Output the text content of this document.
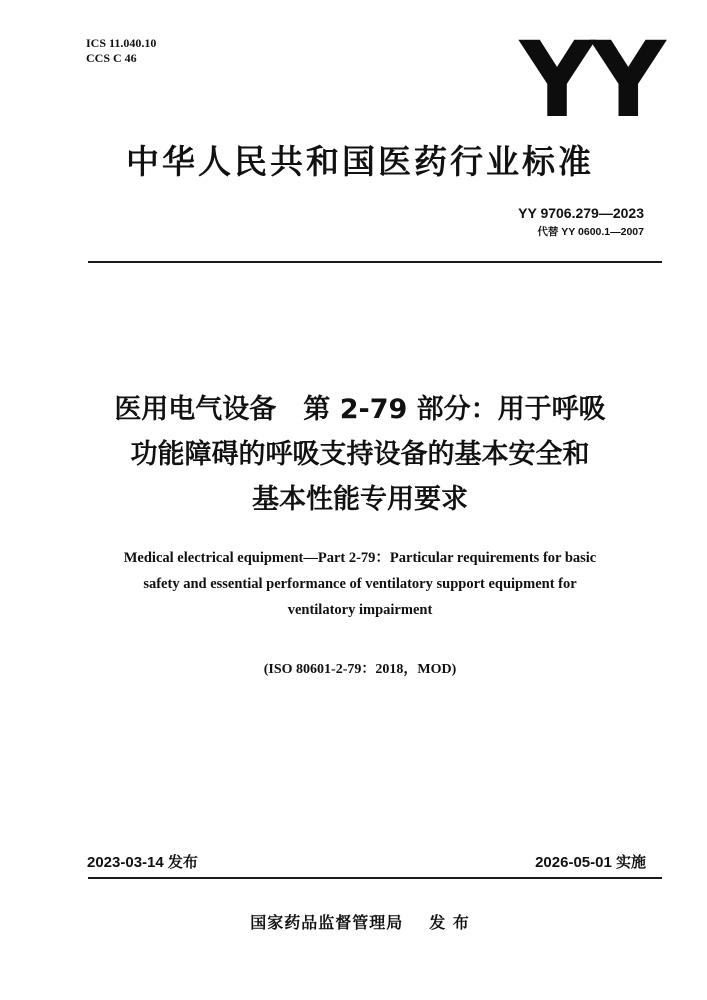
ICS 11.040.10
CCS C 46	YY
中华人民共和国医药行业标准
YY 9706.279—2023
代替 YY 0600.1—2007
医用电气设备　第 2-79 部分：用于呼吸
功能障碍的呼吸支持设备的基本安全和
基本性能专用要求
Medical electrical equipment—Part 2-79：Particular requirements for basic
safety and essential performance of ventilatory support equipment for
ventilatory impairment
(ISO 80601-2-79：2018，MOD)
2023-03-14 发布	2026-05-01 实施
国家药品监督管理局 发 布
